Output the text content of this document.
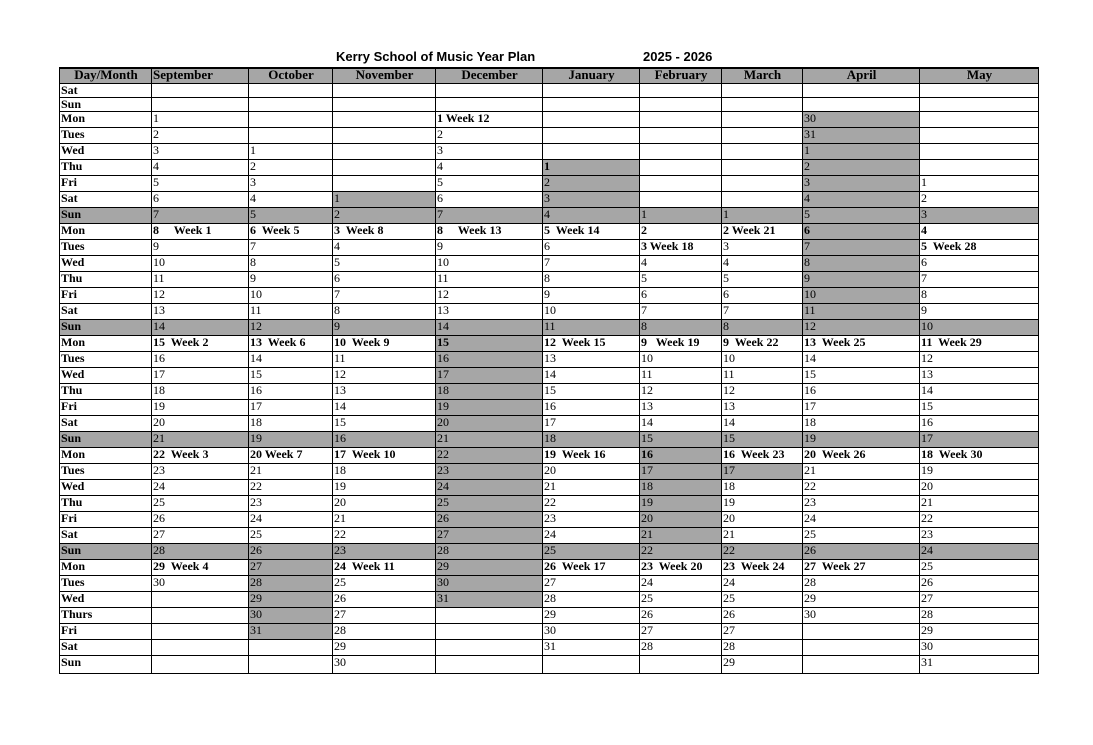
Kerry School of Music Year Plan	2025 - 2026
Day/Month	September	October	November	December	January	February	March	April	May
Sat									
Sun									
Mon	1			1 Week 12				30	
Tues	2			2				31	
Wed	3	1		3				1	
Thu	4	2		4	1			2	
Fri	5	3		5	2			3	1
Sat	6	4	1	6	3			4	2
Sun	7	5	2	7	4	1	1	5	3
Mon	8     Week 1	6  Week 5	3  Week 8	8     Week 13	5  Week 14	2	2 Week 21	6	4
Tues	9	7	4	9	6	3 Week 18	3	7	5  Week 28
Wed	10	8	5	10	7	4	4	8	6
Thu	11	9	6	11	8	5	5	9	7
Fri	12	10	7	12	9	6	6	10	8
Sat	13	11	8	13	10	7	7	11	9
Sun	14	12	9	14	11	8	8	12	10
Mon	15  Week 2	13  Week 6	10  Week 9	15	12  Week 15	9   Week 19	9  Week 22	13  Week 25	11  Week 29
Tues	16	14	11	16	13	10	10	14	12
Wed	17	15	12	17	14	11	11	15	13
Thu	18	16	13	18	15	12	12	16	14
Fri	19	17	14	19	16	13	13	17	15
Sat	20	18	15	20	17	14	14	18	16
Sun	21	19	16	21	18	15	15	19	17
Mon	22  Week 3	20 Week 7	17  Week 10	22	19  Week 16	16	16  Week 23	20  Week 26	18  Week 30
Tues	23	21	18	23	20	17	17	21	19
Wed	24	22	19	24	21	18	18	22	20
Thu	25	23	20	25	22	19	19	23	21
Fri	26	24	21	26	23	20	20	24	22
Sat	27	25	22	27	24	21	21	25	23
Sun	28	26	23	28	25	22	22	26	24
Mon	29  Week 4	27	24  Week 11	29	26  Week 17	23  Week 20	23  Week 24	27  Week 27	25
Tues	30	28	25	30	27	24	24	28	26
Wed		29	26	31	28	25	25	29	27
Thurs		30	27		29	26	26	30	28
Fri		31	28		30	27	27		29
Sat			29		31	28	28		30
Sun			30				29		31
